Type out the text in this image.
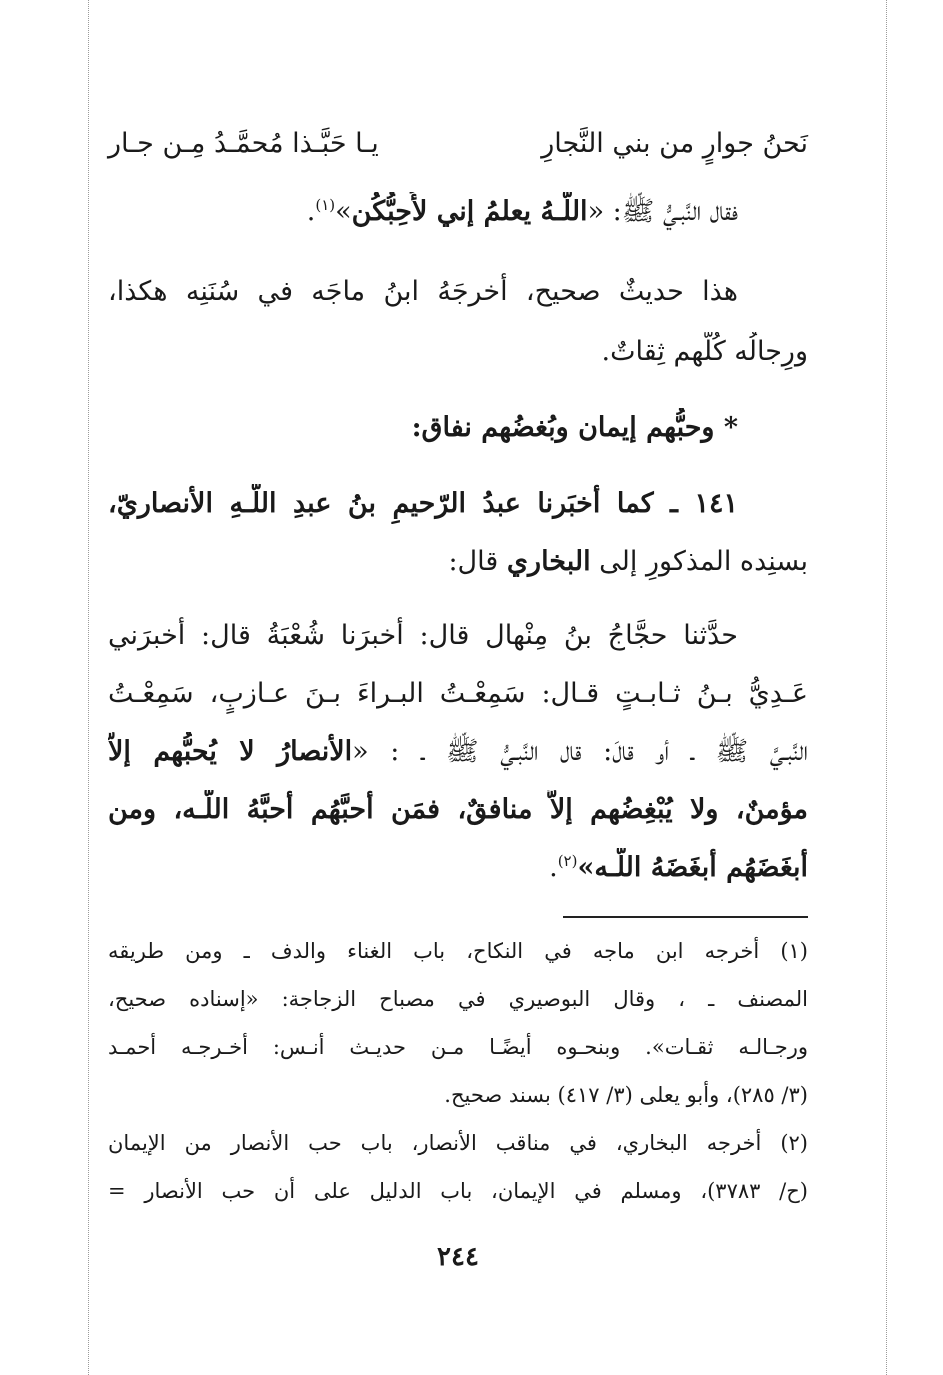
نَحنُ جوارٍ من بني النَّجارِ
يـا حَبَّـذا مُحمَّـدُ مِـن جـار
فقال النَّبـيُّ ﷺ: «اللَّـهُ يعلمُ إني لأُحِبُّكُن»$^{(١)}$.
هذا حديثٌ صحيح، أخرجَهُ ابنُ ماجَه في سُنَنِه هكذا،
ورِجالُه كُلُّهم ثِقاتٌ.
* وحبُّهم إيمان وبُغضُهم نفاق:
١٤١ ـ كما أخبَرنا عبدُ الرّحيمِ بنُ عبدِ اللَّـهِ الأنصاريّ،
بسنِده المذكورِ إلى البخاري قال:
حدَّثنا حجَّاجُ بنُ مِنْهال قال: أخبرَنا شُعْبَةُ قال: أخبرَني
عَـدِيُّ بـنُ ثـابـتٍ قـال: سَمِعْـتُ البـراءَ بـنَ عـازبٍ، سَمِعْـتُ
النَّبـيَّ ﷺ ـ أو قالَ: قال النَّبـيُّ ﷺ ـ : «الأنصارُ لا يُحبُّهم إلاَّ
مؤمنٌ، ولا يُبْغِضُهم إلاَّ منافقٌ، فمَن أحبَّهُم أحبَّهُ اللَّـه، ومن
أبغَضَهُم أبغَضَهُ اللَّـه»$^{(٢)}$.
(١) أخرجه ابن ماجه في النكاح، باب الغناء والدف ـ ومن طريقه
المصنف ـ ، وقال البوصيري في مصباح الزجاجة: «إسناده صحيح،
ورجـالـه ثقـات». وبنحـوه أيضًـا مـن حديـث أنـس: أخـرجـه أحمـد
(٣/ ٢٨٥)، وأبو يعلى (٣/ ٤١٧) بسند صحيح.
(٢) أخرجه البخاري، في مناقب الأنصار، باب حب الأنصار من الإيمان
(ح/ ٣٧٨٣)، ومسلم في الإيمان، باب الدليل على أن حب الأنصار =
٢٤٤
